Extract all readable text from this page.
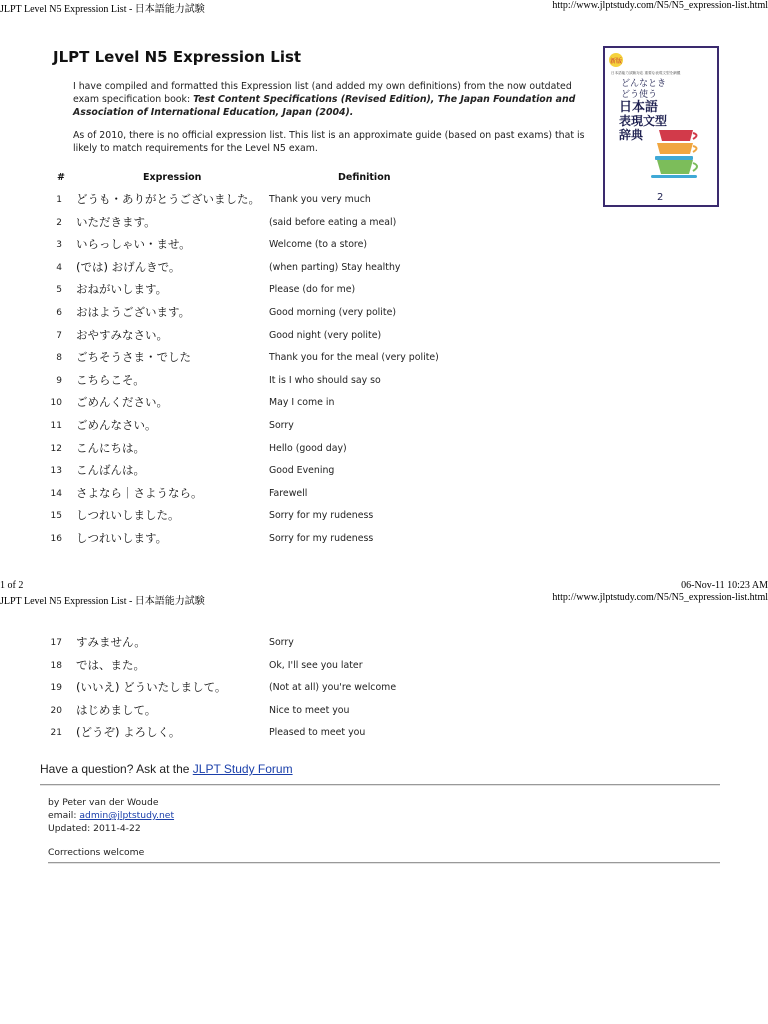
JLPT Level N5 Expression List - 日本語能力試験	http://www.jlptstudy.com/N5/N5_expression-list.html
JLPT Level N5 Expression List

I have compiled and formatted this Expression list (and added my own definitions) from the now outdated exam specification book: Test Content Specifications (Revised Edition), The Japan Foundation and Association of International Education, Japan (2004).

As of 2010, there is no official expression list. This list is an approximate guide (based on past exams) that is likely to match requirements for the Level N5 exam.

新版
日本語能力試験対応 重要な表現文型を網羅
どんなとき
どう使う
日本語
表現文型
辞典
2
#	Expression	Definition
1 どうも・ありがとうございました。 Thank you very much
2 いただきます。	(said before eating a meal)
3 いらっしゃい・ませ。	Welcome (to a store)
4 (では) おげんきで。	(when parting) Stay healthy
5 おねがいします。	Please (do for me)
6 おはようございます。	Good morning (very polite)
7 おやすみなさい。	Good night (very polite)
8 ごちそうさま・でした	Thank you for the meal (very polite)
9 こちらこそ。	It is I who should say so
10 ごめんください。	May I come in
11 ごめんなさい。	Sorry
12 こんにちは。	Hello (good day)
13 こんばんは。	Good Evening
14 さよなら｜さようなら。	Farewell
15 しつれいしました。	Sorry for my rudeness
16 しつれいします。	Sorry for my rudeness
1 of 2	06-Nov-11 10:23 AM
JLPT Level N5 Expression List - 日本語能力試験	http://www.jlptstudy.com/N5/N5_expression-list.html
17 すみません。	Sorry
18 では、また。	Ok, I'll see you later
19 (いいえ) どういたしまして。	(Not at all) you're welcome
20 はじめまして。	Nice to meet you
21 (どうぞ) よろしく。	Pleased to meet you
Have a question? Ask at the JLPT Study Forum
by Peter van der Woude
email: admin@jlptstudy.net
Updated: 2011-4-22
Corrections welcome
